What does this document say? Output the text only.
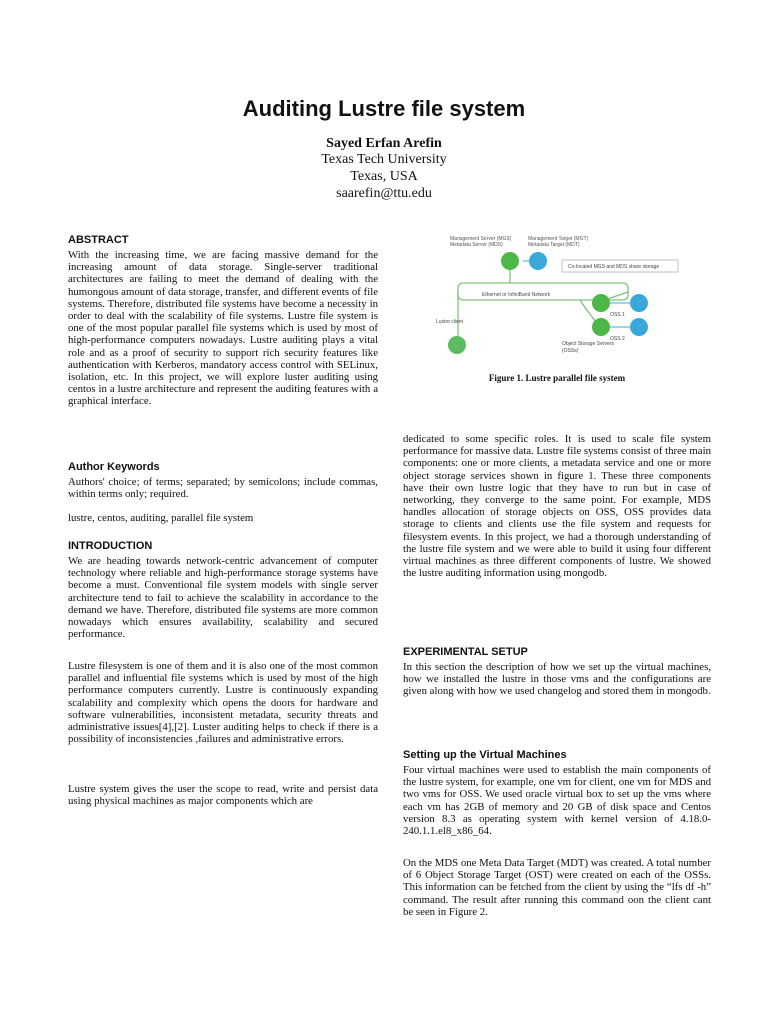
Auditing Lustre file system
Sayed Erfan Arefin
Texas Tech University
Texas, USA
saarefin@ttu.edu
ABSTRACT

With the increasing time, we are facing massive demand for the increasing amount of data storage. Single-server traditional architectures are failing to meet the demand of dealing with the humongous amount of data storage, transfer, and different events of file systems. Therefore, distributed file systems have become a necessity in order to deal with the scalability of file systems. Lustre file system is one of the most popular parallel file systems which is used by most of high-performance computers nowadays. Lustre auditing plays a vital role and as a proof of security to support rich security features like authentication with Kerberos, mandatory access control with SELinux, isolation, etc. In this project, we will explore luster auditing using centos in a lustre architecture and represent the auditing features with a graphical interface.

Author Keywords

Authors' choice; of terms; separated; by semicolons; include commas, within terms only; required.

lustre, centos, auditing, parallel file system

INTRODUCTION

We are heading towards network-centric advancement of computer technology where reliable and high-performance storage systems have become a must. Conventional file system models with single server architecture tend to fail to achieve the scalability in accordance to the demand we have. Therefore, distributed file systems are more common nowadays which ensures availability, scalability and secured performance.

Lustre filesystem is one of them and it is also one of the most common parallel and influential file systems which is used by most of the high performance computers currently. Lustre is continuously expanding scalability and complexity which opens the doors for hardware and software vulnerabilities, inconsistent metadata, security threats and administrative issues[4],[2]. Luster auditing helps to check if there is a possibility of inconsistencies ,failures and administrative errors.

Lustre system gives the user the scope to read, write and persist data using physical machines as major components which are

Management Server (MGS)
Metadata Server (MDS)
Management Target (MGT)
Metadata Target (MDT)
Co-located MGS and MDS share storage
Ethernet or InfiniBand Network
Lustre client
OSS 1
OSS 2
Object Storage Servers
(OSSs)
Figure 1. Lustre parallel file system

dedicated to some specific roles. It is used to scale file system performance for massive data. Lustre file systems consist of three main components: one or more clients, a metadata service and one or more object storage services shown in figure 1. These three components have their own lustre logic that they have to run but in case of networking, they converge to the same point. For example, MDS handles allocation of storage objects on OSS, OSS provides data storage to clients and clients use the file system and requests for filesystem events. In this project, we had a thorough understanding of the lustre file system and we were able to build it using four different virtual machines as three different components of lustre. We showed the lustre auditing information using mongodb.

EXPERIMENTAL SETUP

In this section the description of how we set up the virtual machines, how we installed the lustre in those vms and the configurations are given along with how we used changelog and stored them in mongodb.

Setting up the Virtual Machines

Four virtual machines were used to establish the main components of the lustre system, for example, one vm for client, one vm for MDS and two vms for OSS. We used oracle virtual box to set up the vms where each vm has 2GB of memory and 20 GB of disk space and Centos version 8.3 as operating system with kernel version of 4.18.0-240.1.1.el8_x86_64.

On the MDS one Meta Data Target (MDT) was created. A total number of 6 Object Storage Target (OST) were created on each of the OSSs. This information can be fetched from the client by using the “lfs df -h” command. The result after running this command oon the client cant be seen in Figure 2.
